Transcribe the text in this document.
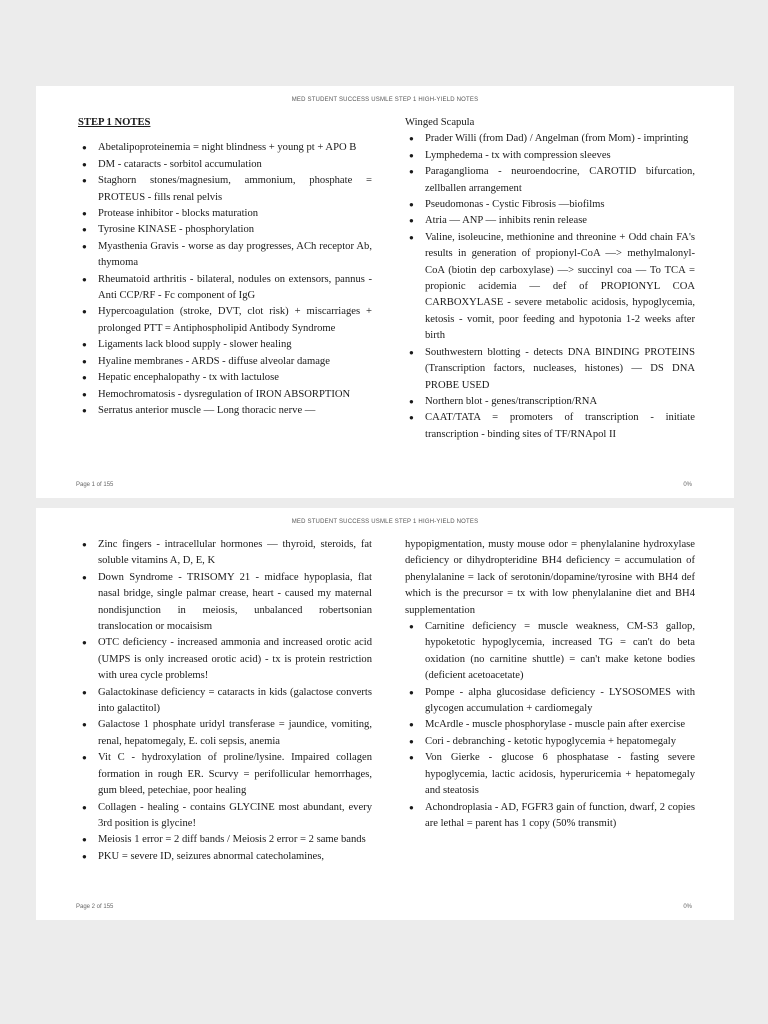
MED STUDENT SUCCESS USMLE STEP 1 HIGH-YIELD NOTES
STEP 1 NOTES
● Abetalipoproteinemia = night blindness + young pt + APO B
● DM - cataracts - sorbitol accumulation
● Staghorn stones/magnesium, ammonium, phosphate = PROTEUS - fills renal pelvis
● Protease inhibitor - blocks maturation
● Tyrosine KINASE - phosphorylation
● Myasthenia Gravis - worse as day progresses, ACh receptor Ab, thymoma
● Rheumatoid arthritis - bilateral, nodules on extensors, pannus - Anti CCP/RF - Fc component of IgG
● Hypercoagulation (stroke, DVT, clot risk) + miscarriages + prolonged PTT = Antiphospholipid Antibody Syndrome
● Ligaments lack blood supply - slower healing
● Hyaline membranes - ARDS - diffuse alveolar damage
● Hepatic encephalopathy - tx with lactulose
● Hemochromatosis - dysregulation of IRON ABSORPTION
● Serratus anterior muscle — Long thoracic nerve —
Winged Scapula
● Prader Willi (from Dad) / Angelman (from Mom) - imprinting
● Lymphedema - tx with compression sleeves
● Paraganglioma - neuroendocrine, CAROTID bifurcation, zellballen arrangement
● Pseudomonas - Cystic Fibrosis —biofilms
● Atria — ANP — inhibits renin release
● Valine, isoleucine, methionine and threonine + Odd chain FA's results in generation of propionyl-CoA —> methylmalonyl-CoA (biotin dep carboxylase) —> succinyl coa — To TCA = propionic acidemia — def of PROPIONYL COA CARBOXYLASE - severe metabolic acidosis, hypoglycemia, ketosis - vomit, poor feeding and hypotonia 1-2 weeks after birth
● Southwestern blotting - detects DNA BINDING PROTEINS (Transcription factors, nucleases, histones) — DS DNA PROBE USED
● Northern blot - genes/transcription/RNA
● CAAT/TATA = promoters of transcription - initiate transcription - binding sites of TF/RNApol II
Page 1 of 155	0%
MED STUDENT SUCCESS USMLE STEP 1 HIGH-YIELD NOTES
● Zinc fingers - intracellular hormones — thyroid, steroids, fat soluble vitamins A, D, E, K
● Down Syndrome - TRISOMY 21 - midface hypoplasia, flat nasal bridge, single palmar crease, heart - caused my maternal nondisjunction in meiosis, unbalanced robertsonian translocation or mocaisism
● OTC deficiency - increased ammonia and increased orotic acid (UMPS is only increased orotic acid) - tx is protein restriction with urea cycle problems!
● Galactokinase deficiency = cataracts in kids (galactose converts into galactitol)
● Galactose 1 phosphate uridyl transferase = jaundice, vomiting, renal, hepatomegaly, E. coli sepsis, anemia
● Vit C - hydroxylation of proline/lysine. Impaired collagen formation in rough ER. Scurvy = perifollicular hemorrhages, gum bleed, petechiae, poor healing
● Collagen - healing - contains GLYCINE most abundant, every 3rd position is glycine!
● Meiosis 1 error = 2 diff bands / Meiosis 2 error = 2 same bands
● PKU = severe ID, seizures abnormal catecholamines,
hypopigmentation, musty mouse odor = phenylalanine hydroxylase deficiency or dihydropteridine BH4 deficiency = accumulation of phenylalanine = lack of serotonin/dopamine/tyrosine with BH4 def which is the precursor = tx with low phenylalanine diet and BH4 supplementation
● Carnitine deficiency = muscle weakness, CM-S3 gallop, hypoketotic hypoglycemia, increased TG = can't do beta oxidation (no carnitine shuttle) = can't make ketone bodies (deficient acetoacetate)
● Pompe - alpha glucosidase deficiency - LYSOSOMES with glycogen accumulation + cardiomegaly
● McArdle - muscle phosphorylase - muscle pain after exercise
● Cori - debranching - ketotic hypoglycemia + hepatomegaly
● Von Gierke - glucose 6 phosphatase - fasting severe hypoglycemia, lactic acidosis, hyperuricemia + hepatomegaly and steatosis
● Achondroplasia - AD, FGFR3 gain of function, dwarf, 2 copies are lethal = parent has 1 copy (50% transmit)
Page 2 of 155	0%
